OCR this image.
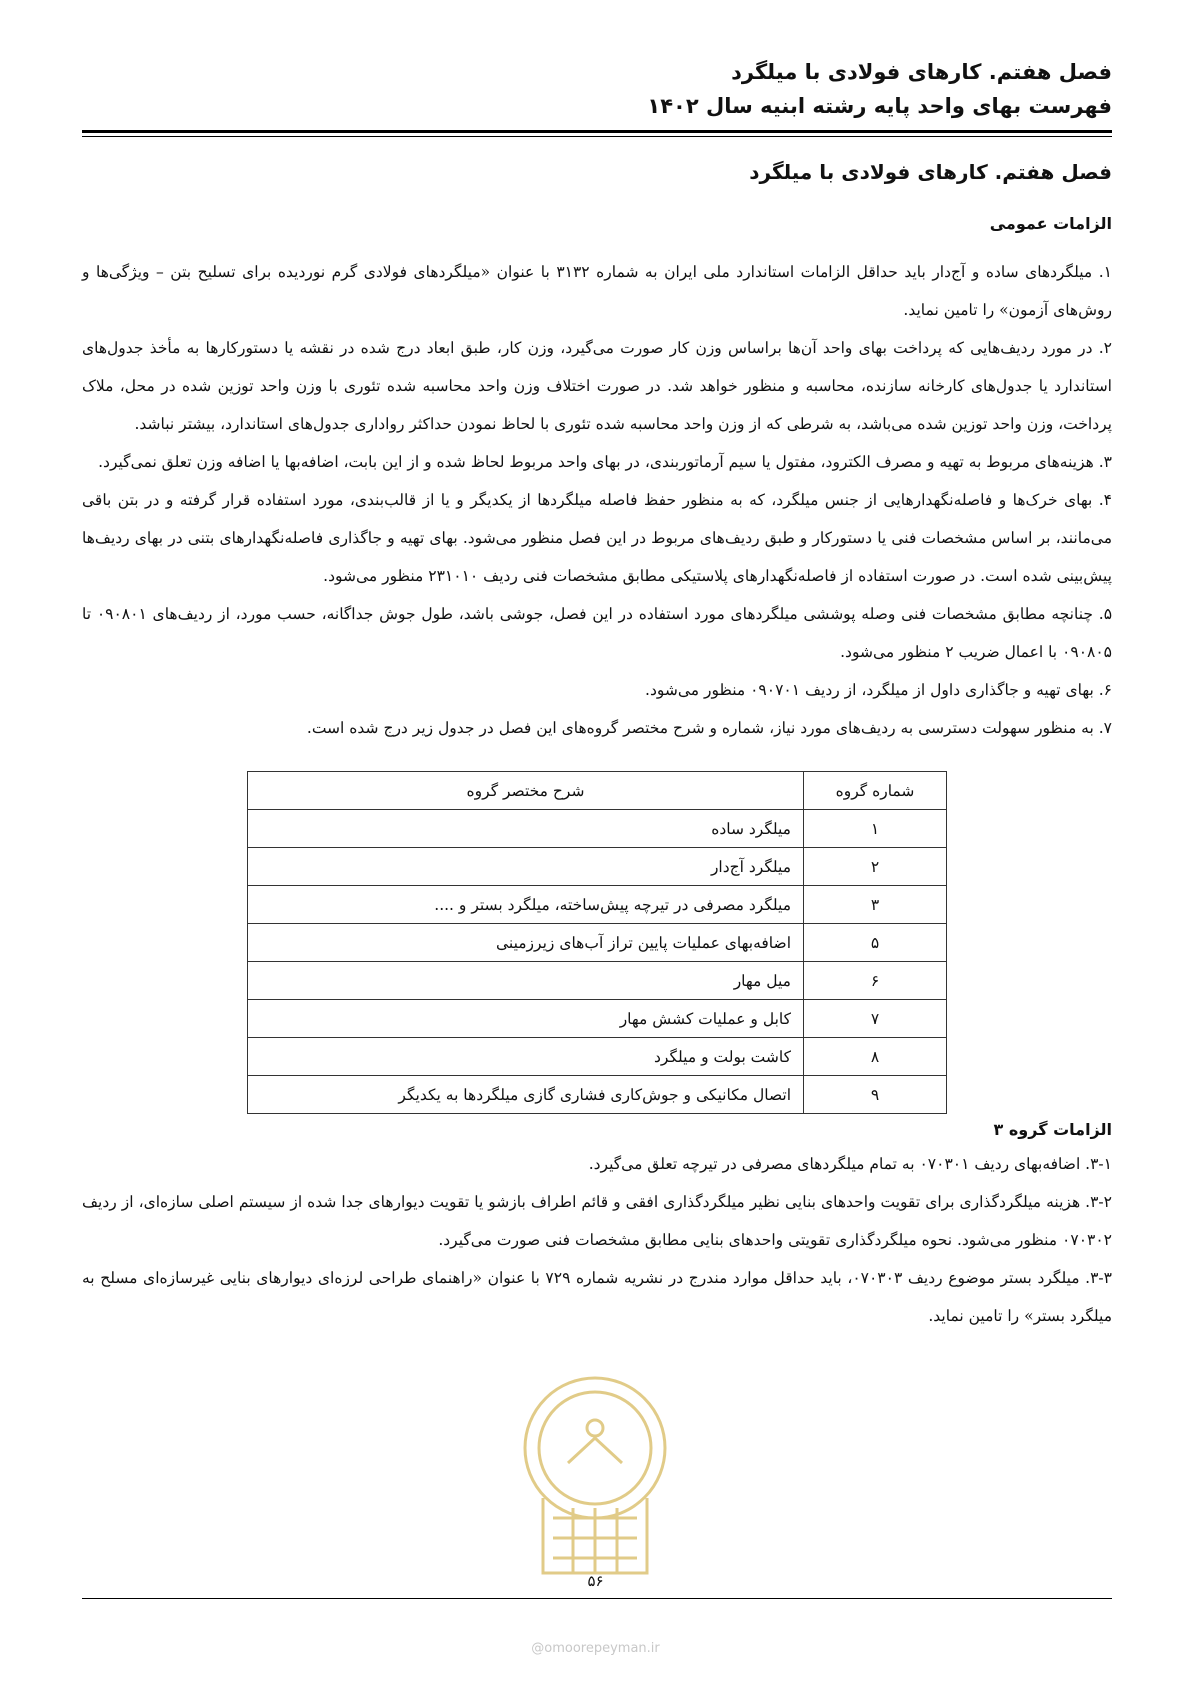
فصل هفتم. کارهای فولادی با میلگرد
فهرست بهای واحد پایه رشته ابنیه سال ۱۴۰۲
فصل هفتم. کارهای فولادی با میلگرد
الزامات عمومی

۱. میلگردهای ساده و آج‌دار باید حداقل الزامات استاندارد ملی ایران به شماره ۳۱۳۲ با عنوان «میلگردهای فولادی گرم نوردیده برای تسلیح بتن – ویژگی‌ها و روش‌های آزمون» را تامین نماید.

۲. در مورد ردیف‌هایی که پرداخت بهای واحد آن‌ها براساس وزن کار صورت می‌گیرد، وزن کار، طبق ابعاد درج شده در نقشه یا دستورکارها به مأخذ جدول‌های استاندارد یا جدول‌های کارخانه سازنده، محاسبه و منظور خواهد شد. در صورت اختلاف وزن واحد محاسبه شده تئوری با وزن واحد توزین شده در محل، ملاک پرداخت، وزن واحد توزین شده می‌باشد، به شرطی که از وزن واحد محاسبه شده تئوری با لحاظ نمودن حداکثر رواداری جدول‌های استاندارد، بیشتر نباشد.

۳. هزینه‌های مربوط به تهیه و مصرف الکترود، مفتول یا سیم آرماتوربندی، در بهای واحد مربوط لحاظ شده و از این بابت، اضافه‌بها یا اضافه وزن تعلق نمی‌گیرد.

۴. بهای خرک‌ها و فاصله‌نگهدارهایی از جنس میلگرد، که به منظور حفظ فاصله میلگردها از یکدیگر و یا از قالب‌بندی، مورد استفاده قرار گرفته و در بتن باقی می‌مانند، بر اساس مشخصات فنی یا دستورکار و طبق ردیف‌های مربوط در این فصل منظور می‌شود. بهای تهیه و جاگذاری فاصله‌نگهدارهای بتنی در بهای ردیف‌ها پیش‌بینی شده است. در صورت استفاده از فاصله‌نگهدارهای پلاستیکی مطابق مشخصات فنی ردیف ۲۳۱۰۱۰ منظور می‌شود.

۵. چنانچه مطابق مشخصات فنی وصله پوششی میلگردهای مورد استفاده در این فصل، جوشی باشد، طول جوش جداگانه، حسب مورد، از ردیف‌های ۰۹۰۸۰۱ تا ۰۹۰۸۰۵ با اعمال ضریب ۲ منظور می‌شود.

۶. بهای تهیه و جاگذاری داول از میلگرد، از ردیف ۰۹۰۷۰۱ منظور می‌شود.

۷. به منظور سهولت دسترسی به ردیف‌های مورد نیاز، شماره و شرح مختصر گروه‌های این فصل در جدول زیر درج شده است.

شماره گروه	شرح مختصر گروه
۱	میلگرد ساده
۲	میلگرد آج‌دار
۳	میلگرد مصرفی در تیرچه پیش‌ساخته، میلگرد بستر و ....
۵	اضافه‌بهای عملیات پایین تراز آب‌های زیرزمینی
۶	میل مهار
۷	کابل و عملیات کشش مهار
۸	کاشت بولت و میلگرد
۹	اتصال مکانیکی و جوش‌کاری فشاری گازی میلگردها به یکدیگر
الزامات گروه ۳

۳-۱. اضافه‌بهای ردیف ۰۷۰۳۰۱ به تمام میلگردهای مصرفی در تیرچه تعلق می‌گیرد.

۳-۲. هزینه میلگردگذاری برای تقویت واحدهای بنایی نظیر میلگردگذاری افقی و قائم اطراف بازشو یا تقویت دیوارهای جدا شده از سیستم اصلی سازه‌ای، از ردیف ۰۷۰۳۰۲ منظور می‌شود. نحوه میلگردگذاری تقویتی واحدهای بنایی مطابق مشخصات فنی صورت می‌گیرد.

۳-۳. میلگرد بستر موضوع ردیف ۰۷۰۳۰۳، باید حداقل موارد مندرج در نشریه شماره ۷۲۹ با عنوان «راهنمای طراحی لرزه‌ای دیوارهای بنایی غیرسازه‌ای مسلح به میلگرد بستر» را تامین نماید.

۵۶
@omoorepeyman.ir
